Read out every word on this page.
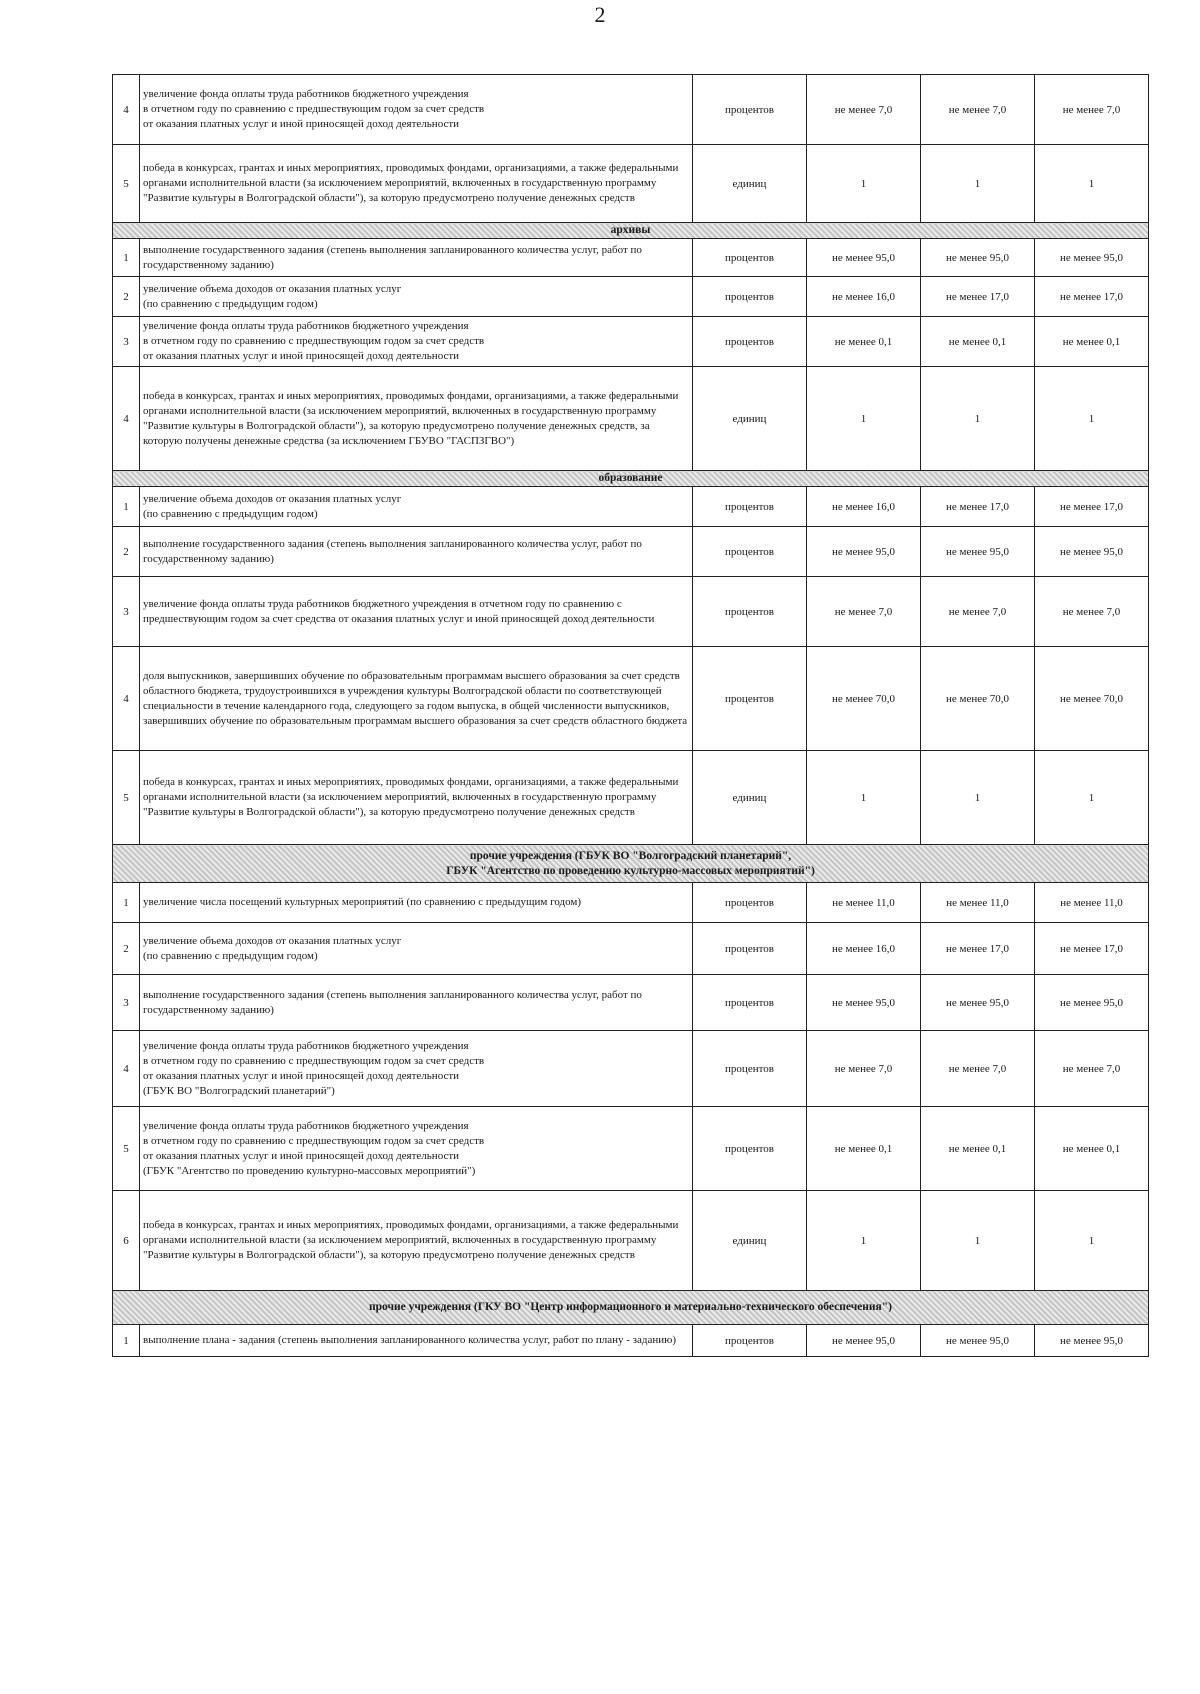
2
4	увеличение фонда оплаты труда работников бюджетного учреждения
в отчетном году по сравнению с предшествующим годом за счет средств
от оказания платных услуг и иной приносящей доход деятельности	процентов	не менее 7,0	не менее 7,0	не менее 7,0
5	победа в конкурсах, грантах и иных мероприятиях, проводимых фондами, организациями, а также федеральными органами исполнительной власти (за исключением мероприятий, включенных в государственную программу "Развитие культуры в Волгоградской области"), за которую предусмотрено получение денежных средств	единиц	1	1	1
архивы					
1	выполнение государственного задания (степень выполнения запланированного количества услуг, работ по государственному заданию)	процентов	не менее 95,0	не менее 95,0	не менее 95,0
2	увеличение объема доходов от оказания платных услуг
(по сравнению с предыдущим годом)	процентов	не менее 16,0	не менее 17,0	не менее 17,0
3	увеличение фонда оплаты труда работников бюджетного учреждения
в отчетном году по сравнению с предшествующим годом за счет средств
от оказания платных услуг и иной приносящей доход деятельности	процентов	не менее 0,1	не менее 0,1	не менее 0,1
4	победа в конкурсах, грантах и иных мероприятиях, проводимых фондами, организациями, а также федеральными органами исполнительной власти (за исключением мероприятий, включенных в государственную программу "Развитие культуры в Волгоградской области"), за которую предусмотрено получение денежных средств, за которую получены денежные средства (за исключением ГБУВО "ГАСПЗГВО")	единиц	1	1	1
образование					
1	увеличение объема доходов от оказания платных услуг
(по сравнению с предыдущим годом)	процентов	не менее 16,0	не менее 17,0	не менее 17,0
2	выполнение государственного задания (степень выполнения запланированного количества услуг, работ по государственному заданию)	процентов	не менее 95,0	не менее 95,0	не менее 95,0
3	увеличение фонда оплаты труда работников бюджетного учреждения в отчетном году по сравнению с предшествующим годом за счет средства от оказания платных услуг и иной приносящей доход деятельности	процентов	не менее 7,0	не менее 7,0	не менее 7,0
4	доля выпускников, завершивших обучение по образовательным программам высшего образования за счет средств областного бюджета, трудоустроившихся в учреждения культуры Волгоградской области по соответствующей специальности в течение календарного года, следующего за годом выпуска, в общей численности выпускников, завершивших обучение по образовательным программам высшего образования за счет средств областного бюджета	процентов	не менее 70,0	не менее 70,0	не менее 70,0
5	победа в конкурсах, грантах и иных мероприятиях, проводимых фондами, организациями, а также федеральными органами исполнительной власти (за исключением мероприятий, включенных в государственную программу "Развитие культуры в Волгоградской области"), за которую предусмотрено получение денежных средств	единиц	1	1	1
прочие учреждения (ГБУК ВО "Волгоградский планетарий",
ГБУК "Агентство по проведению культурно-массовых мероприятий")					
1	увеличение числа посещений культурных мероприятий (по сравнению с предыдущим годом)	процентов	не менее 11,0	не менее 11,0	не менее 11,0
2	увеличение объема доходов от оказания платных услуг
(по сравнению с предыдущим годом)	процентов	не менее 16,0	не менее 17,0	не менее 17,0
3	выполнение государственного задания (степень выполнения запланированного количества услуг, работ по государственному заданию)	процентов	не менее 95,0	не менее 95,0	не менее 95,0
4	увеличение фонда оплаты труда работников бюджетного учреждения
в отчетном году по сравнению с предшествующим годом за счет средств
от оказания платных услуг и иной приносящей доход деятельности
(ГБУК ВО "Волгоградский планетарий")	процентов	не менее 7,0	не менее 7,0	не менее 7,0
5	увеличение фонда оплаты труда работников бюджетного учреждения
в отчетном году по сравнению с предшествующим годом за счет средств
от оказания платных услуг и иной приносящей доход деятельности
(ГБУК "Агентство по проведению культурно-массовых мероприятий")	процентов	не менее 0,1	не менее 0,1	не менее 0,1
6	победа в конкурсах, грантах и иных мероприятиях, проводимых фондами, организациями, а также федеральными органами исполнительной власти (за исключением мероприятий, включенных в государственную программу "Развитие культуры в Волгоградской области"), за которую предусмотрено получение денежных средств	единиц	1	1	1
прочие учреждения (ГКУ ВО "Центр информационного и материально-технического обеспечения")					
1	выполнение плана - задания (степень выполнения запланированного количества услуг, работ по плану - заданию)	процентов	не менее 95,0	не менее 95,0	не менее 95,0
